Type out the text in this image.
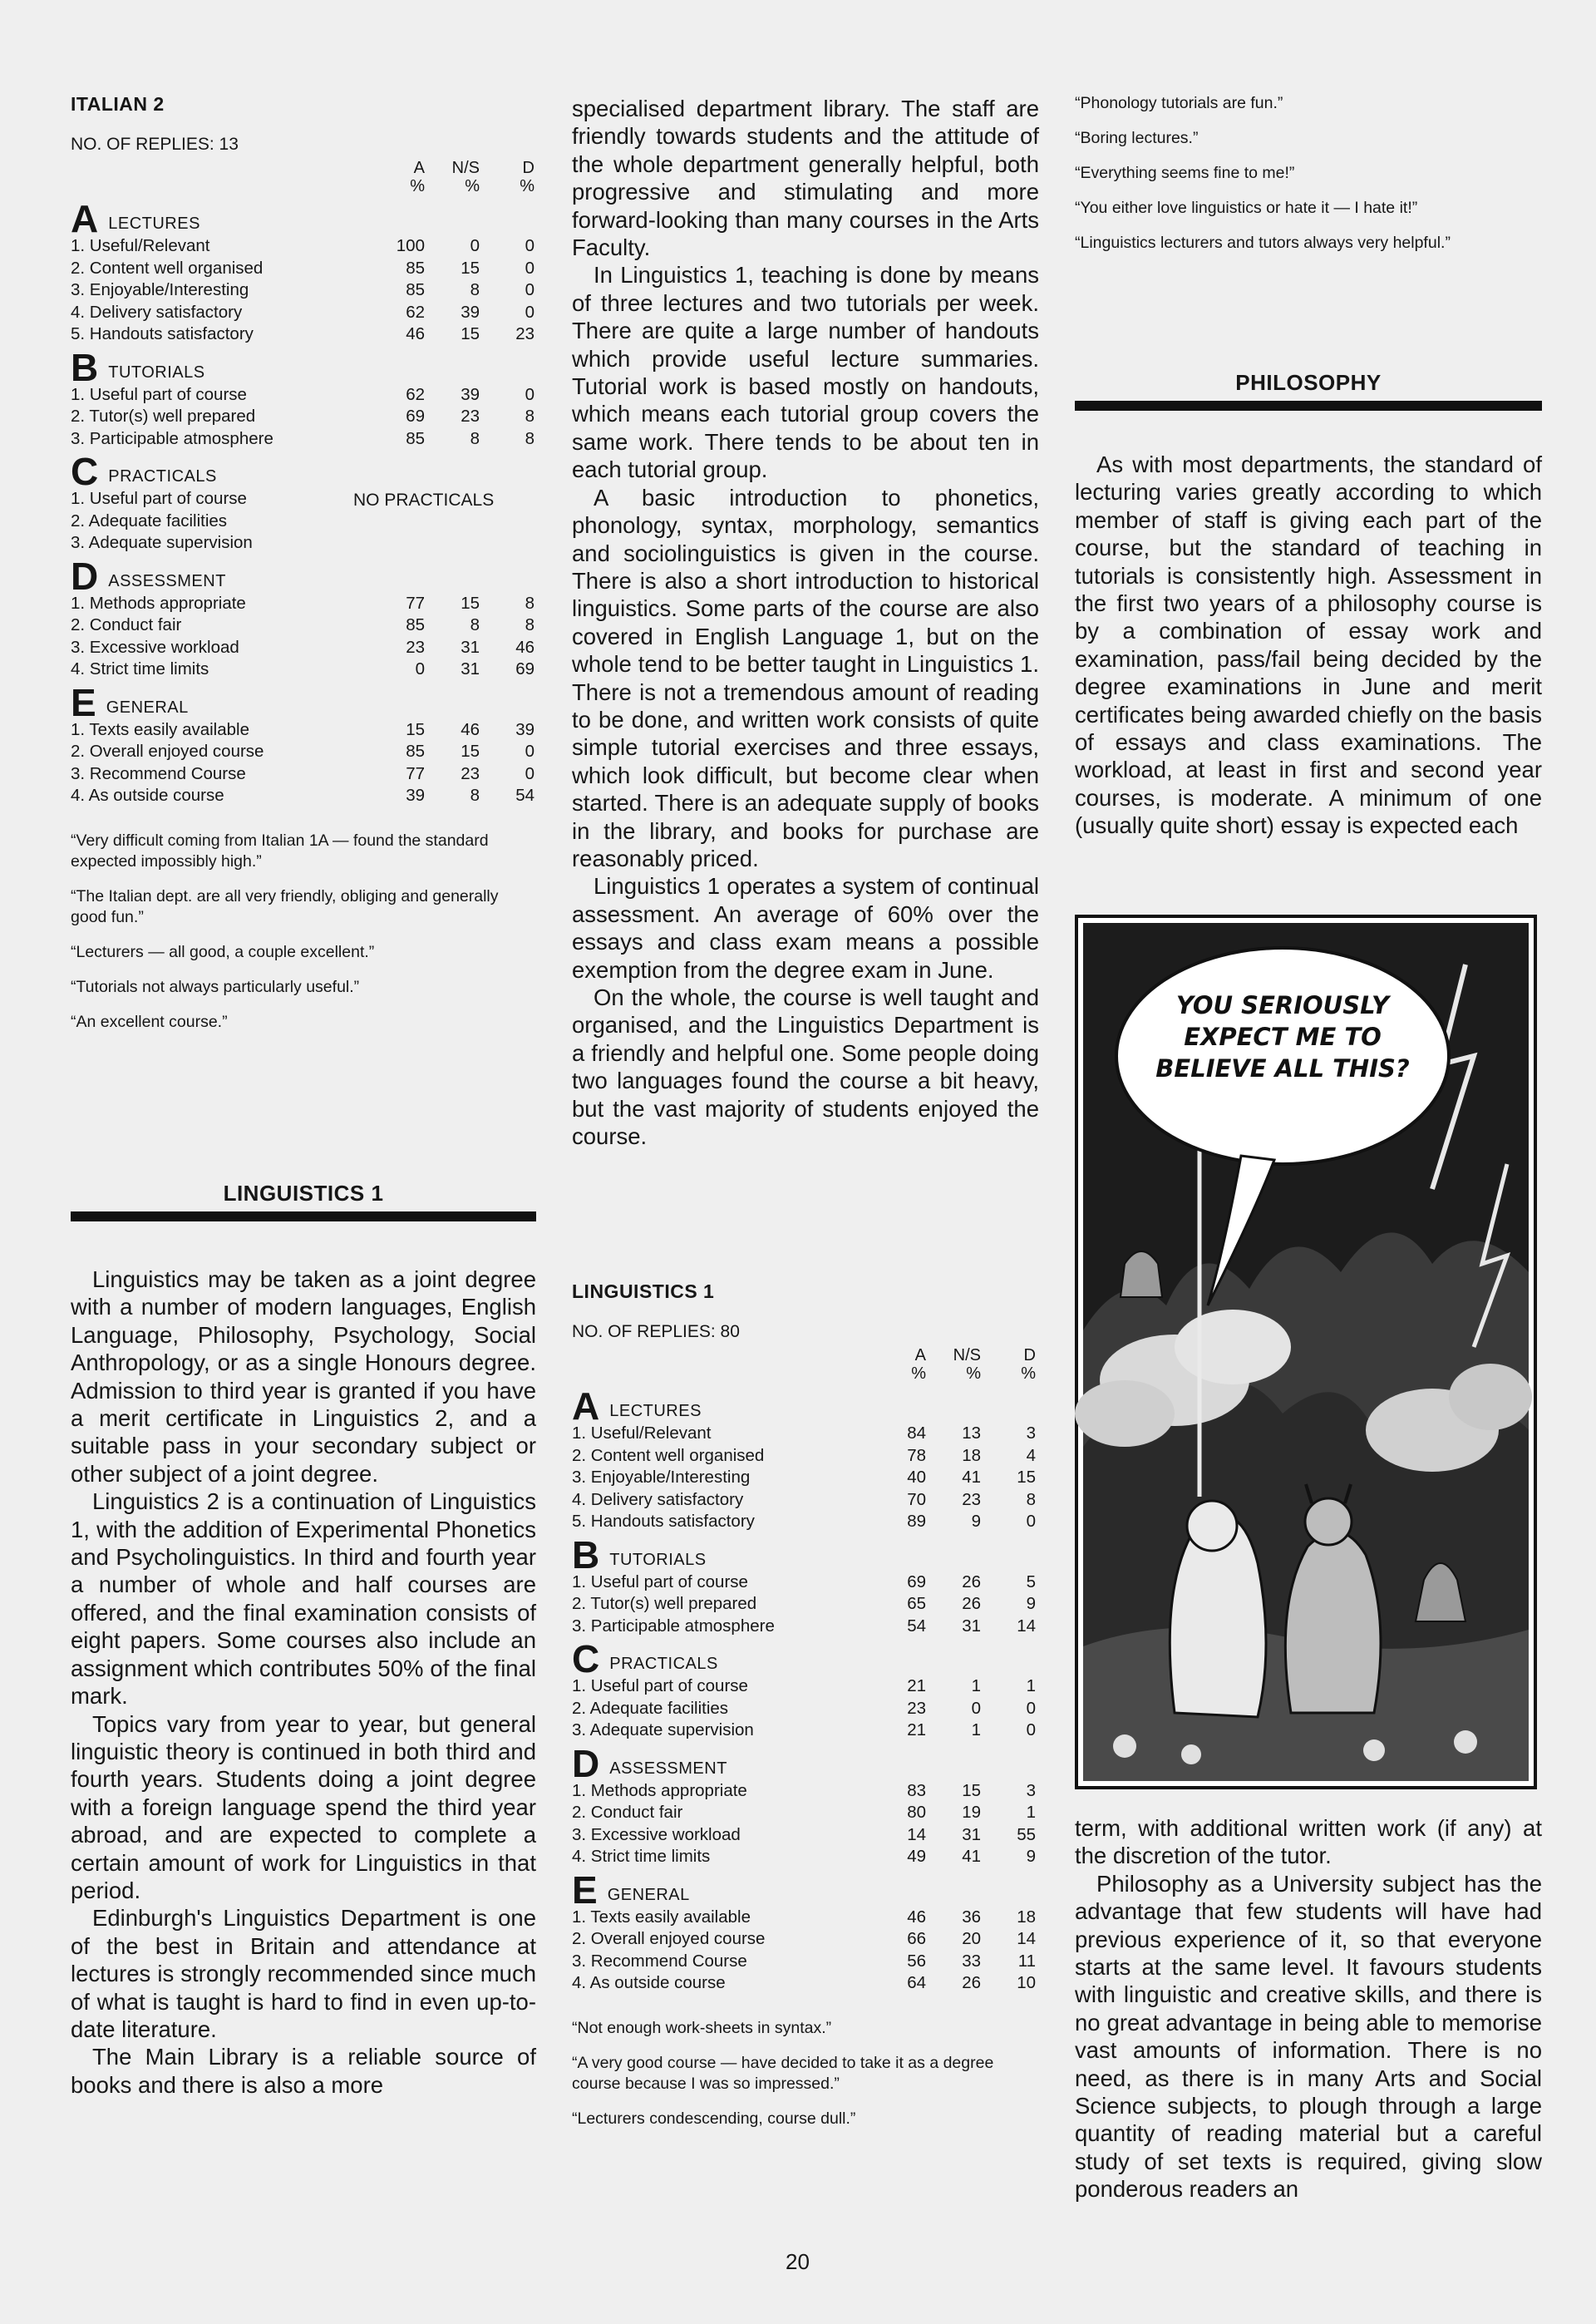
ITALIAN 2
NO. OF REPLIES: 13
A
%
N/S
%
D
%
A LECTURES
1. Useful/Relevant	100	0	0
2. Content well organised	85	15	0
3. Enjoyable/Interesting	85	8	0
4. Delivery satisfactory	62	39	0
5. Handouts satisfactory	46	15	23
B TUTORIALS
1. Useful part of course	62	39	0
2. Tutor(s) well prepared	69	23	8
3. Participable atmosphere	85	8	8
C PRACTICALS
1. Useful part of course
2. Adequate facilities
3. Adequate supervision
NO PRACTICALS
D ASSESSMENT
1. Methods appropriate	77	15	8
2. Conduct fair	85	8	8
3. Excessive workload	23	31	46
4. Strict time limits	0	31	69
E GENERAL
1. Texts easily available	15	46	39
2. Overall enjoyed course	85	15	0
3. Recommend Course	77	23	0
4. As outside course	39	8	54

“Very difficult coming from Italian 1A — found the standard expected impossibly high.”

“The Italian dept. are all very friendly, obliging and generally good fun.”

“Lecturers — all good, a couple excellent.”

“Tutorials not always particularly useful.”

“An excellent course.”

LINGUISTICS 1

Linguistics may be taken as a joint degree with a number of modern languages, English Language, Philosophy, Psychology, Social Anthropology, or as a single Honours degree. Admission to third year is granted if you have a merit certificate in Linguistics 2, and a suitable pass in your secondary subject or other subject of a joint degree.

Linguistics 2 is a continuation of Linguistics 1, with the addition of Experimental Phonetics and Psycholinguistics. In third and fourth year a number of whole and half courses are offered, and the final examination consists of eight papers. Some courses also include an assignment which contributes 50% of the final mark.

Topics vary from year to year, but general linguistic theory is continued in both third and fourth years. Students doing a joint degree with a foreign language spend the third year abroad, and are expected to complete a certain amount of work for Linguistics in that period.

Edinburgh's Linguistics Department is one of the best in Britain and attendance at lectures is strongly recommended since much of what is taught is hard to find in even up-to-date literature.

The Main Library is a reliable source of books and there is also a more

specialised department library. The staff are friendly towards students and the attitude of the whole department generally helpful, both progressive and stimulating and more forward-looking than many courses in the Arts Faculty.

In Linguistics 1, teaching is done by means of three lectures and two tutorials per week. There are quite a large number of handouts which provide useful lecture summaries. Tutorial work is based mostly on handouts, which means each tutorial group covers the same work. There tends to be about ten in each tutorial group.

A basic introduction to phonetics, phonology, syntax, morphology, semantics and sociolinguistics is given in the course. There is also a short introduction to historical linguistics. Some parts of the course are also covered in English Language 1, but on the whole tend to be better taught in Linguistics 1. There is not a tremendous amount of reading to be done, and written work consists of quite simple tutorial exercises and three essays, which look difficult, but become clear when started. There is an adequate supply of books in the library, and books for purchase are reasonably priced.

Linguistics 1 operates a system of continual assessment. An average of 60% over the essays and class exam means a possible exemption from the degree exam in June.

On the whole, the course is well taught and organised, and the Linguistics Department is a friendly and helpful one. Some people doing two languages found the course a bit heavy, but the vast majority of students enjoyed the course.

LINGUISTICS 1
NO. OF REPLIES: 80
A
%
N/S
%
D
%
A LECTURES
1. Useful/Relevant	84	13	3
2. Content well organised	78	18	4
3. Enjoyable/Interesting	40	41	15
4. Delivery satisfactory	70	23	8
5. Handouts satisfactory	89	9	0
B TUTORIALS
1. Useful part of course	69	26	5
2. Tutor(s) well prepared	65	26	9
3. Participable atmosphere	54	31	14
C PRACTICALS
1. Useful part of course	21	1	1
2. Adequate facilities	23	0	0
3. Adequate supervision	21	1	0
D ASSESSMENT
1. Methods appropriate	83	15	3
2. Conduct fair	80	19	1
3. Excessive workload	14	31	55
4. Strict time limits	49	41	9
E GENERAL
1. Texts easily available	46	36	18
2. Overall enjoyed course	66	20	14
3. Recommend Course	56	33	11
4. As outside course	64	26	10

“Not enough work-sheets in syntax.”

“A very good course — have decided to take it as a degree course because I was so impressed.”

“Lecturers condescending, course dull.”

“Phonology tutorials are fun.”

“Boring lectures.”

“Everything seems fine to me!”

“You either love linguistics or hate it — I hate it!”

“Linguistics lecturers and tutors always very helpful.”

PHILOSOPHY

As with most departments, the standard of lecturing varies greatly according to which member of staff is giving each part of the course, but the standard of teaching in tutorials is consistently high. Assessment in the first two years of a philosophy course is by a combination of essay work and examination, pass/fail being decided by the degree examinations in June and merit certificates being awarded chiefly on the basis of essays and class examinations. The workload, at least in first and second year courses, is moderate. A minimum of one (usually quite short) essay is expected each

YOU SERIOUSLY EXPECT ME TO BELIEVE ALL THIS?

term, with additional written work (if any) at the discretion of the tutor.

Philosophy as a University subject has the advantage that few students will have had previous experience of it, so that everyone starts at the same level. It favours students with linguistic and creative skills, and there is no great advantage in being able to memorise vast amounts of information. There is no need, as there is in many Arts and Social Science subjects, to plough through a large quantity of reading material but a careful study of set texts is required, giving slow ponderous readers an

20
